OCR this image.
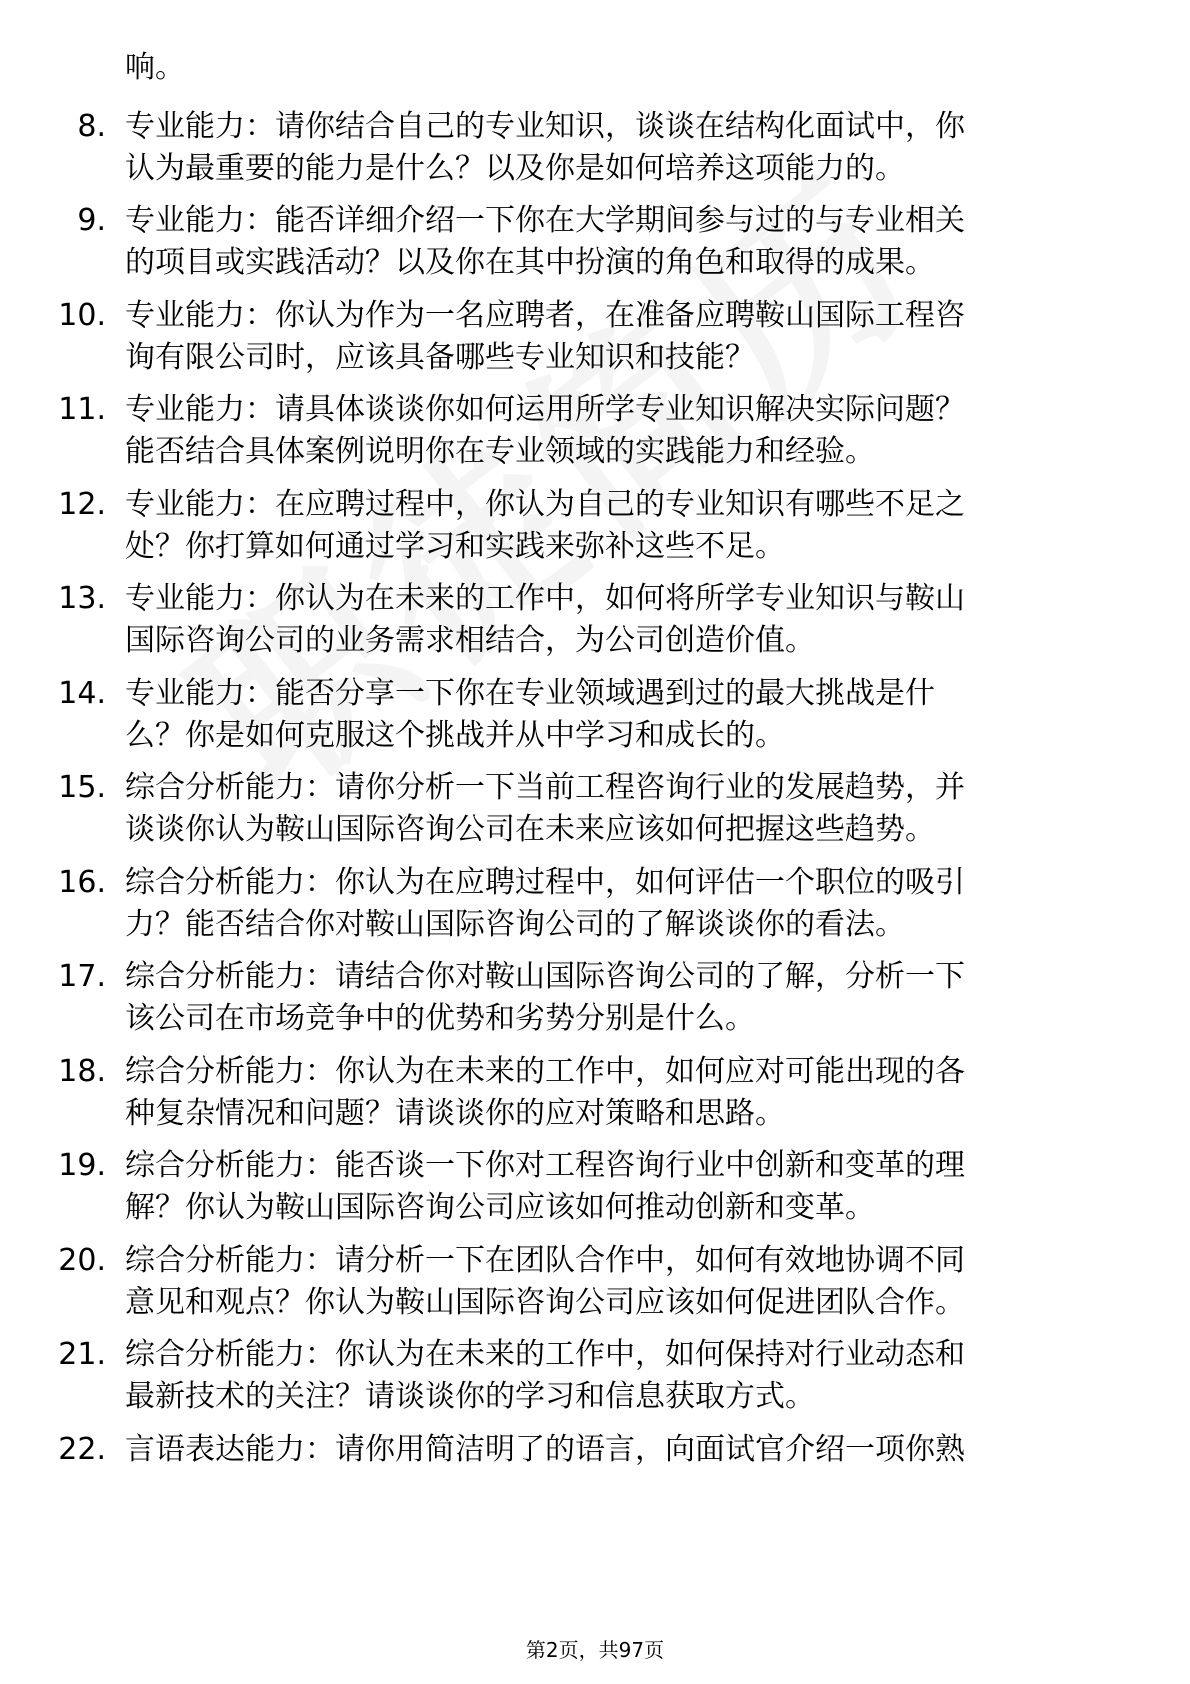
响。
8. 专业能力：请你结合自己的专业知识，谈谈在结构化面试中，你
认为最重要的能力是什么？以及你是如何培养这项能力的。
9. 专业能力：能否详细介绍一下你在大学期间参与过的与专业相关
的项目或实践活动？以及你在其中扮演的角色和取得的成果。
10. 专业能力：你认为作为一名应聘者，在准备应聘鞍山国际工程咨
询有限公司时，应该具备哪些专业知识和技能？
11. 专业能力：请具体谈谈你如何运用所学专业知识解决实际问题？
能否结合具体案例说明你在专业领域的实践能力和经验。
12. 专业能力：在应聘过程中，你认为自己的专业知识有哪些不足之
处？你打算如何通过学习和实践来弥补这些不足。
13. 专业能力：你认为在未来的工作中，如何将所学专业知识与鞍山
国际咨询公司的业务需求相结合，为公司创造价值。
14. 专业能力：能否分享一下你在专业领域遇到过的最大挑战是什
么？你是如何克服这个挑战并从中学习和成长的。
15. 综合分析能力：请你分析一下当前工程咨询行业的发展趋势，并
谈谈你认为鞍山国际咨询公司在未来应该如何把握这些趋势。
16. 综合分析能力：你认为在应聘过程中，如何评估一个职位的吸引
力？能否结合你对鞍山国际咨询公司的了解谈谈你的看法。
17. 综合分析能力：请结合你对鞍山国际咨询公司的了解，分析一下
该公司在市场竞争中的优势和劣势分别是什么。
18. 综合分析能力：你认为在未来的工作中，如何应对可能出现的各
种复杂情况和问题？请谈谈你的应对策略和思路。
19. 综合分析能力：能否谈一下你对工程咨询行业中创新和变革的理
解？你认为鞍山国际咨询公司应该如何推动创新和变革。
20. 综合分析能力：请分析一下在团队合作中，如何有效地协调不同
意见和观点？你认为鞍山国际咨询公司应该如何促进团队合作。
21. 综合分析能力：你认为在未来的工作中，如何保持对行业动态和
最新技术的关注？请谈谈你的学习和信息获取方式。
22. 言语表达能力：请你用简洁明了的语言，向面试官介绍一项你熟
第2页，共97页
